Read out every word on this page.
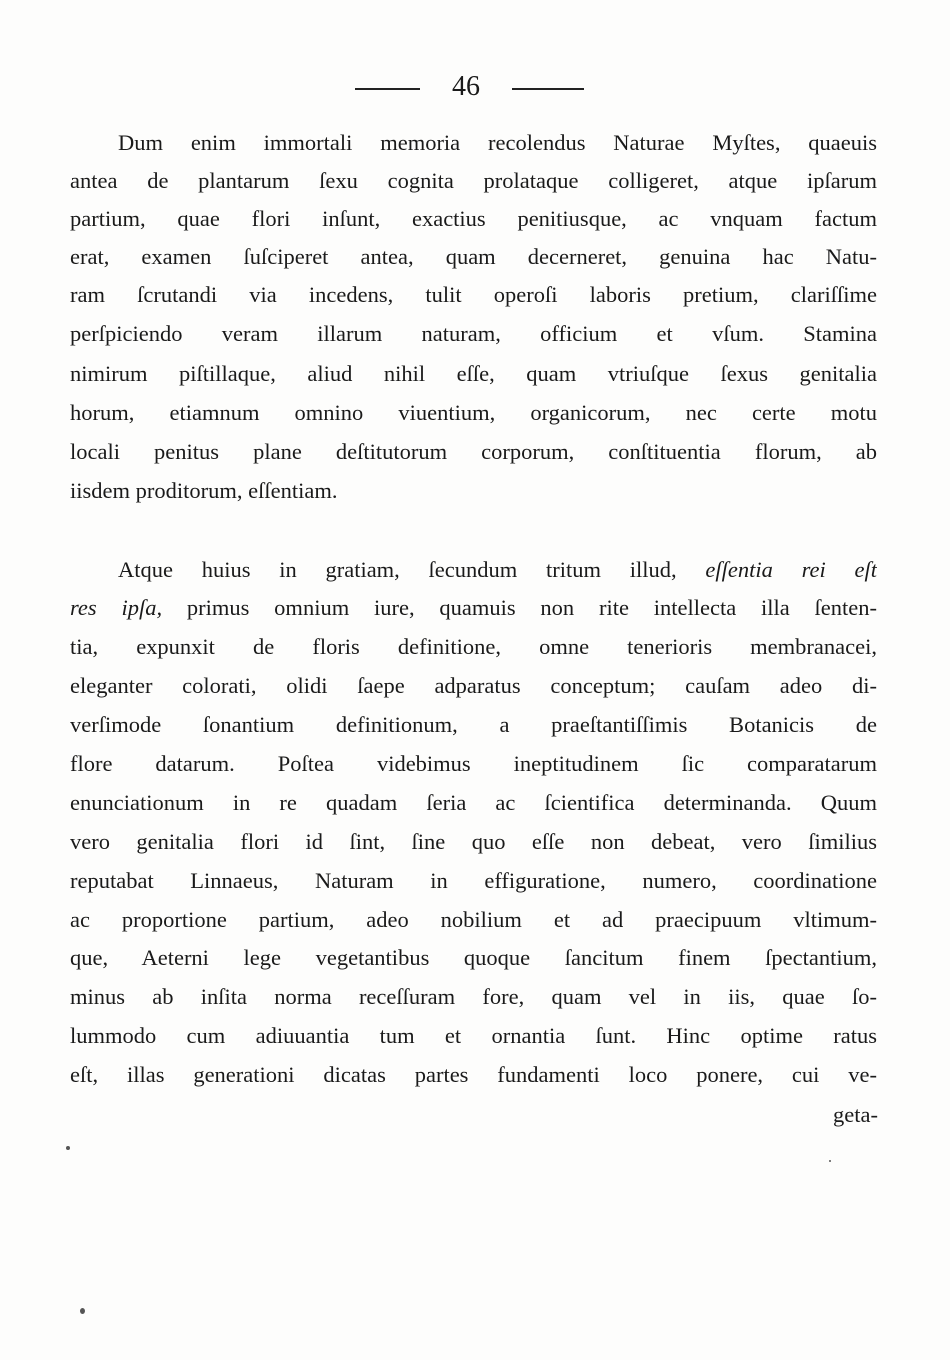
46
Dum enim immortali memoria recolendus Naturae Myſtes, quaeuis
antea de plantarum ſexu cognita prolataque colligeret, atque ipſarum
partium, quae flori inſunt, exactius penitiusque, ac vnquam factum
erat, examen ſuſciperet antea, quam decerneret, genuina hac Natu-
ram ſcrutandi via incedens, tulit operoſi laboris pretium, clariſſime
perſpiciendo veram illarum naturam, officium et vſum. Stamina
nimirum piſtillaque, aliud nihil eſſe, quam vtriuſque ſexus genitalia
horum, etiamnum omnino viuentium, organicorum, nec certe motu
locali penitus plane deſtitutorum corporum, conſtituentia florum, ab
iisdem proditorum, eſſentiam.
Atque huius in gratiam, ſecundum tritum illud, eſſentia rei eſt
res ipſa, primus omnium iure, quamuis non rite intellecta illa ſenten-
tia, expunxit de floris definitione, omne tenerioris membranacei,
eleganter colorati, olidi ſaepe adparatus conceptum; cauſam adeo di-
verſimode ſonantium definitionum, a praeſtantiſſimis Botanicis de
flore datarum. Poſtea videbimus ineptitudinem ſic comparatarum
enunciationum in re quadam ſeria ac ſcientifica determinanda. Quum
vero genitalia flori id ſint, ſine quo eſſe non debeat, vero ſimilius
reputabat Linnaeus, Naturam in effiguratione, numero, coordinatione
ac proportione partium, adeo nobilium et ad praecipuum vltimum-
que, Aeterni lege vegetantibus quoque ſancitum finem ſpectantium,
minus ab inſita norma receſſuram fore, quam vel in iis, quae ſo-
lummodo cum adiuuantia tum et ornantia ſunt. Hinc optime ratus
eſt, illas generationi dicatas partes fundamenti loco ponere, cui ve-
geta-
